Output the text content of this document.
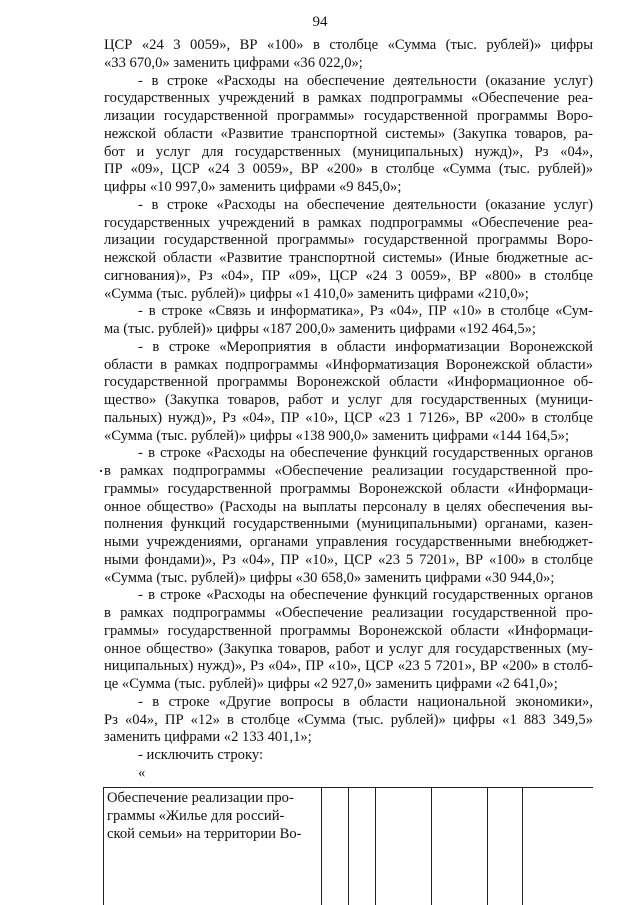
94
ЦСР «24 3 0059», ВР «100» в столбце «Сумма (тыс. рублей)» цифры
«33 670,0» заменить цифрами «36 022,0»;
- в строке «Расходы на обеспечение деятельности (оказание услуг)
государственных учреждений в рамках подпрограммы «Обеспечение реа-
лизации государственной программы» государственной программы Воро-
нежской области «Развитие транспортной системы» (Закупка товаров, ра-
бот и услуг для государственных (муниципальных) нужд)», Рз «04»,
ПР «09», ЦСР «24 3 0059», ВР «200» в столбце «Сумма (тыс. рублей)»
цифры «10 997,0» заменить цифрами «9 845,0»;
- в строке «Расходы на обеспечение деятельности (оказание услуг)
государственных учреждений в рамках подпрограммы «Обеспечение реа-
лизации государственной программы» государственной программы Воро-
нежской области «Развитие транспортной системы» (Иные бюджетные ас-
сигнования)», Рз «04», ПР «09», ЦСР «24 3 0059», ВР «800» в столбце
«Сумма (тыс. рублей)» цифры «1 410,0» заменить цифрами «210,0»;
- в строке «Связь и информатика», Рз «04», ПР «10» в столбце «Сум-
ма (тыс. рублей)» цифры «187 200,0» заменить цифрами «192 464,5»;
- в строке «Мероприятия в области информатизации Воронежской
области в рамках подпрограммы «Информатизация Воронежской области»
государственной программы Воронежской области «Информационное об-
щество» (Закупка товаров, работ и услуг для государственных (муници-
пальных) нужд)», Рз «04», ПР «10», ЦСР «23 1 7126», ВР «200» в столбце
«Сумма (тыс. рублей)» цифры «138 900,0» заменить цифрами «144 164,5»;
- в строке «Расходы на обеспечение функций государственных органов
в рамках подпрограммы «Обеспечение реализации государственной про-
граммы» государственной программы Воронежской области «Информаци-
онное общество» (Расходы на выплаты персоналу в целях обеспечения вы-
полнения функций государственными (муниципальными) органами, казен-
ными учреждениями, органами управления государственными внебюджет-
ными фондами)», Рз «04», ПР «10», ЦСР «23 5 7201», ВР «100» в столбце
«Сумма (тыс. рублей)» цифры «30 658,0» заменить цифрами «30 944,0»;
- в строке «Расходы на обеспечение функций государственных органов
в рамках подпрограммы «Обеспечение реализации государственной про-
граммы» государственной программы Воронежской области «Информаци-
онное общество» (Закупка товаров, работ и услуг для государственных (му-
ниципальных) нужд)», Рз «04», ПР «10», ЦСР «23 5 7201», ВР «200» в столб-
це «Сумма (тыс. рублей)» цифры «2 927,0» заменить цифрами «2 641,0»;
- в строке «Другие вопросы в области национальной экономики»,
Рз «04», ПР «12» в столбце «Сумма (тыс. рублей)» цифры «1 883 349,5»
заменить цифрами «2 133 401,1»;
- исключить строку:
«
Обеспечение реализации про-
граммы «Жилье для россий-
ской семьи» на территории Во-
